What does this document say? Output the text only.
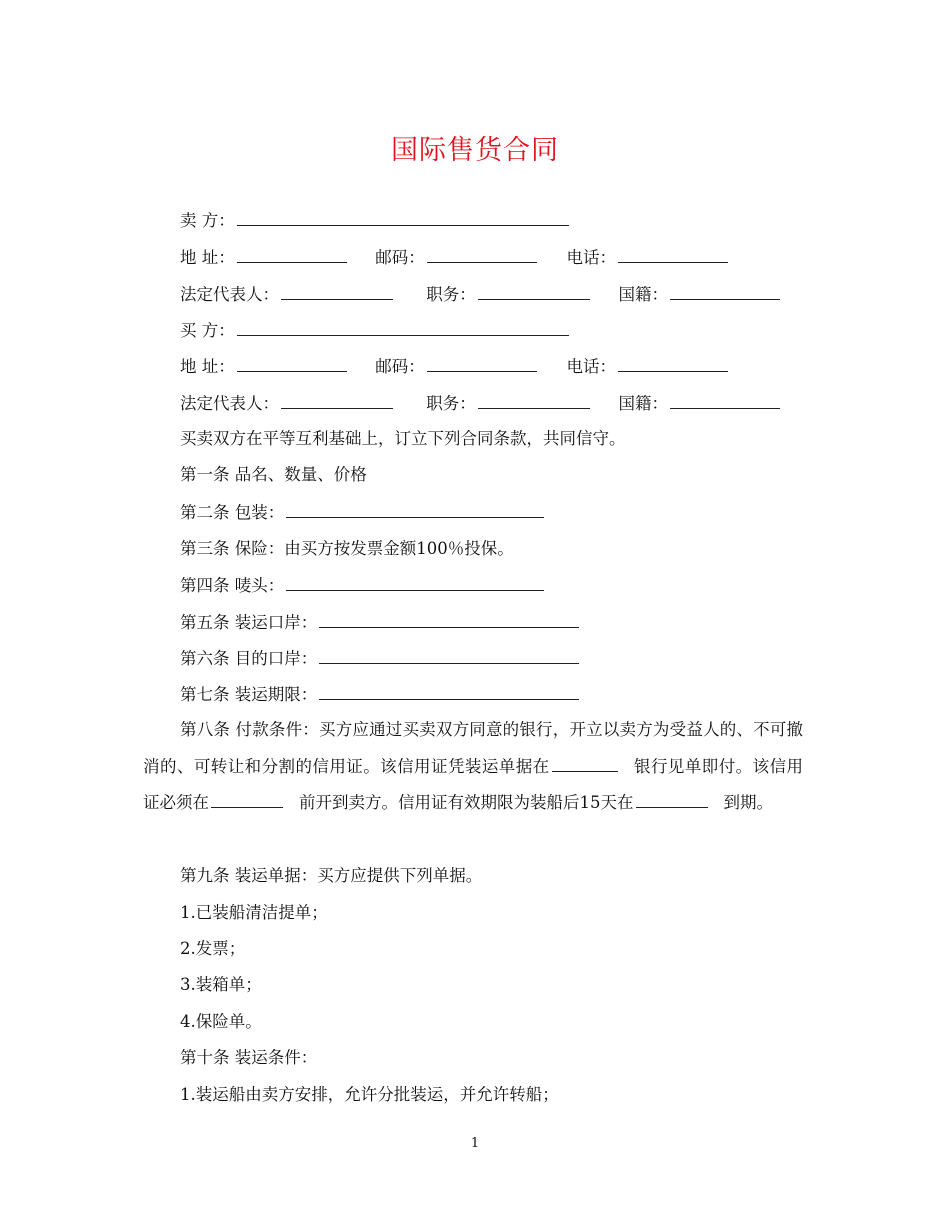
国际售货合同
卖 方：
地 址：	邮码：	电话：
法定代表人：	职务：	国籍：
买 方：
地 址：	邮码：	电话：
法定代表人：	职务：	国籍：
买卖双方在平等互利基础上，订立下列合同条款，共同信守。
第一条 品名、数量、价格
第二条 包装：
第三条 保险：由买方按发票金额100％投保。
第四条 唛头：
第五条 装运口岸：
第六条 目的口岸：
第七条 装运期限：
第八条 付款条件：买方应通过买卖双方同意的银行，开立以卖方为受益人的、不可撤消的、可转让和分割的信用证。该信用证凭装运单据在	银行见单即付。该信用证必须在	前开到卖方。信用证有效期限为装船后15天在	到期。
第九条 装运单据：买方应提供下列单据。
1.已装船清洁提单；
2.发票；
3.装箱单；
4.保险单。
第十条 装运条件：
1.装运船由卖方安排，允许分批装运，并允许转船；
1
